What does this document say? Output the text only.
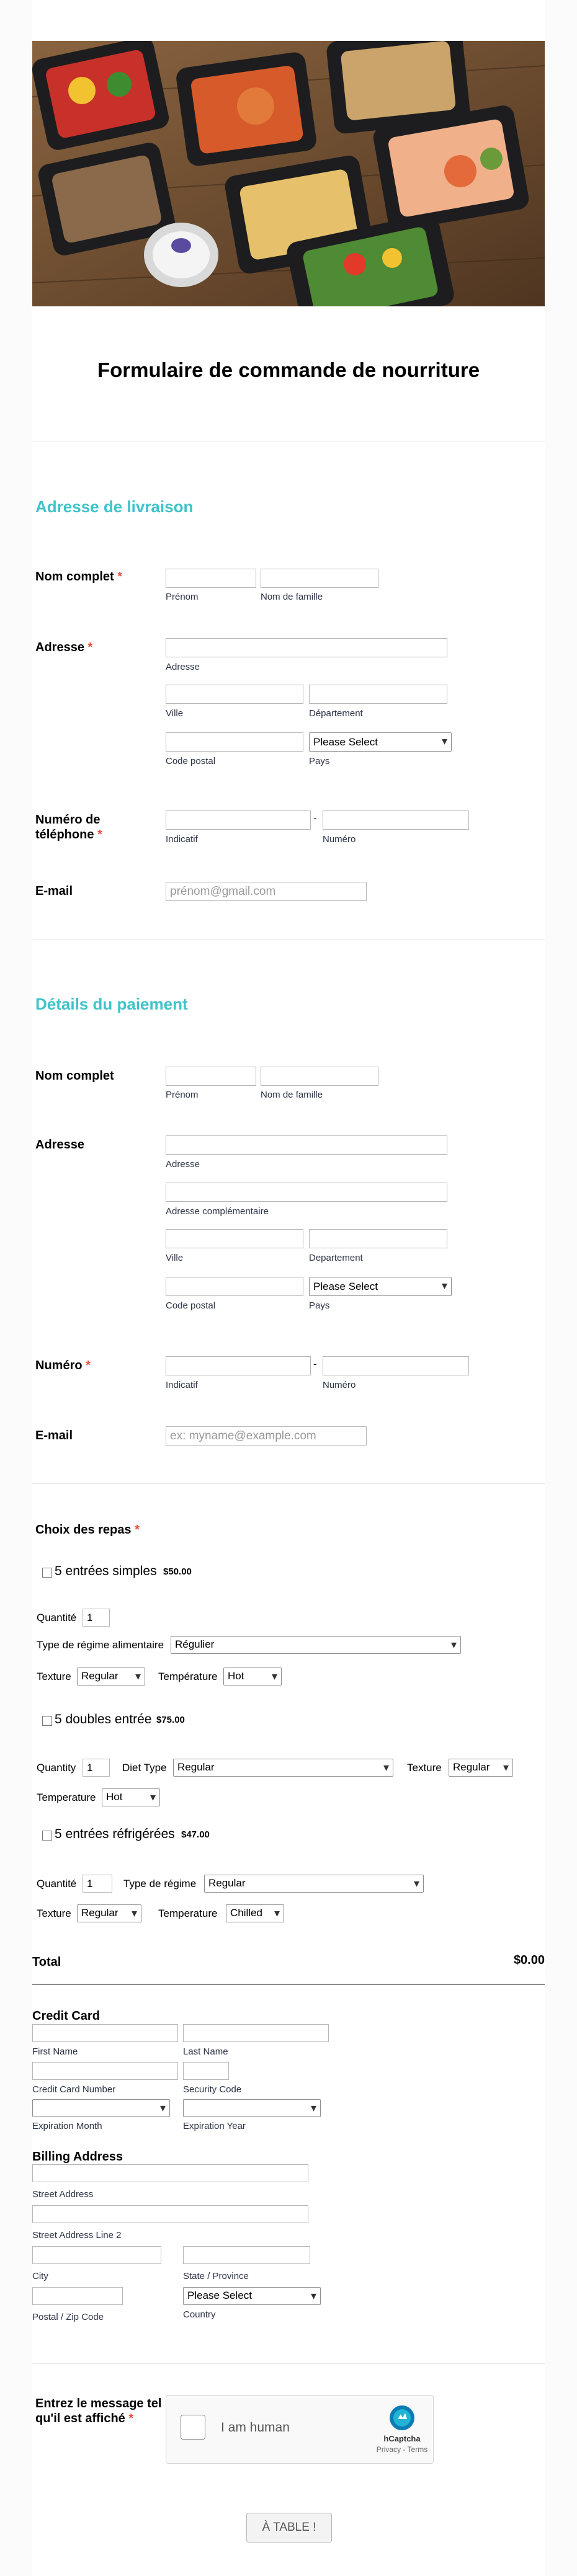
Formulaire de commande de nourriture
Adresse de livraison
Nom complet *
Prénom	Nom de famille
Adresse *
Adresse
Ville	Département
Please Select ▾
Code postal	Pays
Numéro de téléphone *
-
Indicatif	Numéro
E-mail	prénom@gmail.com
Détails du paiement
Nom complet
Prénom	Nom de famille
Adresse
Adresse
Adresse complémentaire
Ville	Departement
Please Select ▾
Code postal	Pays
Numéro *	-
Indicatif	Numéro
E-mail	ex: myname@example.com
Choix des repas *
5 entrées simples $50.00
Quantité 1
Type de régime alimentaire	Régulier ▾
Texture Regular ▾	Température Hot ▾
5 doubles entrée $75.00
Quantity	1	Diet Type	Regular ▾	Texture	Regular ▾
Temperature Hot ▾
5 entrées réfrigérées $47.00
Quantité 1	Type de régime	Regular ▾
Texture Regular ▾	Temperature	Chilled ▾
Total	$0.00
Credit Card
First Name	Last Name
Credit Card Number	Security Code
▾
▾
Expiration Month	Expiration Year
Billing Address
Street Address
Street Address Line 2
City	State / Province
Please Select ▾
Postal / Zip Code	Country
Entrez le message tel qu'il est affiché *
I am human
hCaptcha
Privacy - Terms
À TABLE !
